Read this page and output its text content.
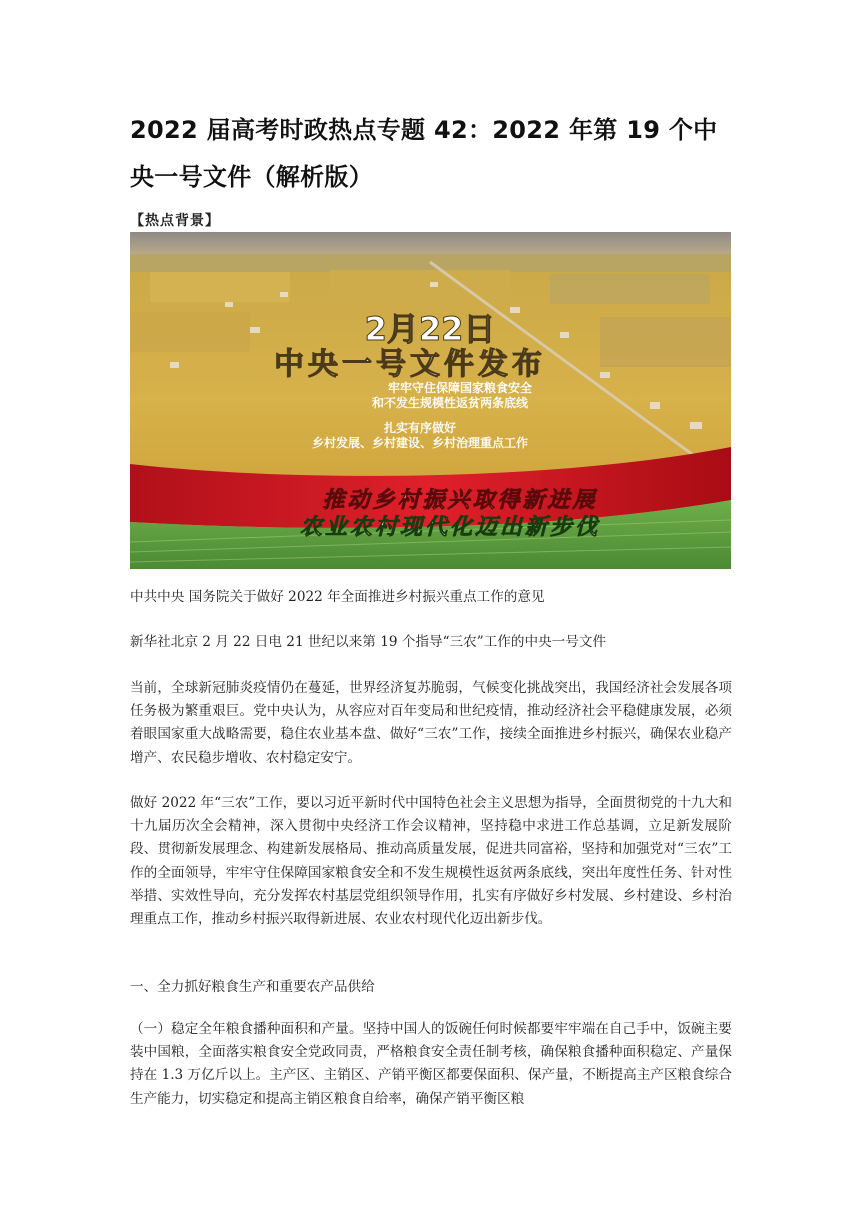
2022 届高考时政热点专题 42：2022 年第 19 个中央一号文件（解析版）
【热点背景】
2月22日
中央一号文件发布
牢牢守住保障国家粮食安全
和不发生规模性返贫两条底线
扎实有序做好
乡村发展、乡村建设、乡村治理重点工作
推动乡村振兴取得新进展
农业农村现代化迈出新步伐

中共中央 国务院关于做好 2022 年全面推进乡村振兴重点工作的意见

新华社北京 2 月 22 日电 21 世纪以来第 19 个指导“三农”工作的中央一号文件

当前，全球新冠肺炎疫情仍在蔓延，世界经济复苏脆弱，气候变化挑战突出，我国经济社会发展各项任务极为繁重艰巨。党中央认为，从容应对百年变局和世纪疫情，推动经济社会平稳健康发展，必须着眼国家重大战略需要，稳住农业基本盘、做好“三农”工作，接续全面推进乡村振兴，确保农业稳产增产、农民稳步增收、农村稳定安宁。

做好 2022 年“三农”工作，要以习近平新时代中国特色社会主义思想为指导，全面贯彻党的十九大和十九届历次全会精神，深入贯彻中央经济工作会议精神，坚持稳中求进工作总基调，立足新发展阶段、贯彻新发展理念、构建新发展格局、推动高质量发展，促进共同富裕，坚持和加强党对“三农”工作的全面领导，牢牢守住保障国家粮食安全和不发生规模性返贫两条底线，突出年度性任务、针对性举措、实效性导向，充分发挥农村基层党组织领导作用，扎实有序做好乡村发展、乡村建设、乡村治理重点工作，推动乡村振兴取得新进展、农业农村现代化迈出新步伐。

一、全力抓好粮食生产和重要农产品供给

（一）稳定全年粮食播种面积和产量。坚持中国人的饭碗任何时候都要牢牢端在自己手中，饭碗主要装中国粮，全面落实粮食安全党政同责，严格粮食安全责任制考核，确保粮食播种面积稳定、产量保持在 1.3 万亿斤以上。主产区、主销区、产销平衡区都要保面积、保产量，不断提高主产区粮食综合生产能力，切实稳定和提高主销区粮食自给率，确保产销平衡区粮
